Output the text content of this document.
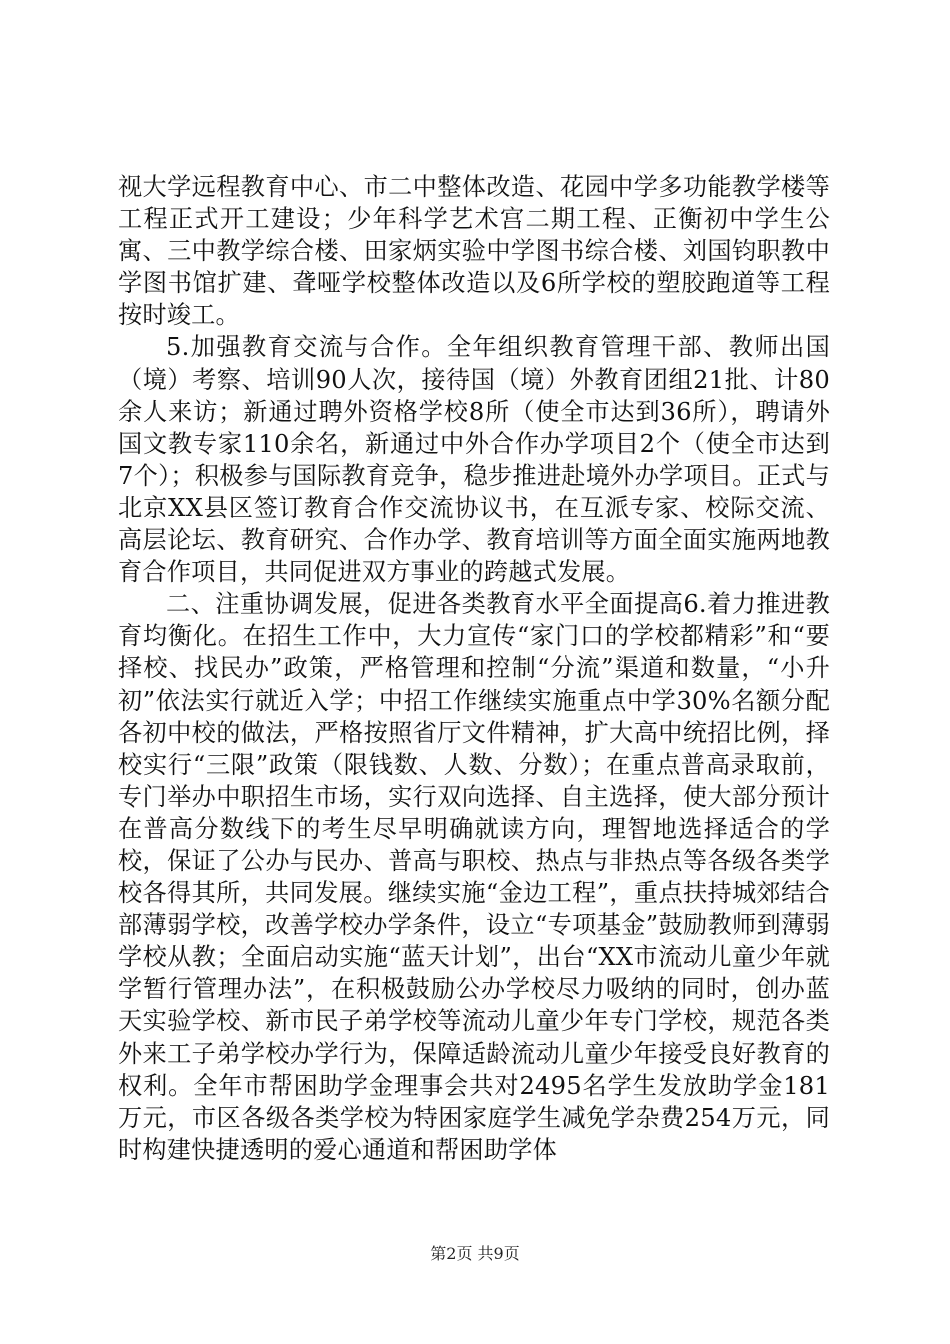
视大学远程教育中心、市二中整体改造、花园中学多功能教学楼等工程正式开工建设；少年科学艺术宫二期工程、正衡初中学生公寓、三中教学综合楼、田家炳实验中学图书综合楼、刘国钧职教中学图书馆扩建、聋哑学校整体改造以及6所学校的塑胶跑道等工程按时竣工。

5.加强教育交流与合作。全年组织教育管理干部、教师出国（境）考察、培训90人次，接待国（境）外教育团组21批、计80余人来访；新通过聘外资格学校8所（使全市达到36所），聘请外国文教专家110余名，新通过中外合作办学项目2个（使全市达到7个）；积极参与国际教育竞争，稳步推进赴境外办学项目。正式与北京XX县区签订教育合作交流协议书，在互派专家、校际交流、高层论坛、教育研究、合作办学、教育培训等方面全面实施两地教育合作项目，共同促进双方事业的跨越式发展。

二、注重协调发展，促进各类教育水平全面提高6.着力推进教育均衡化。在招生工作中，大力宣传“家门口的学校都精彩”和“要择校、找民办”政策，严格管理和控制“分流”渠道和数量，“小升初”依法实行就近入学；中招工作继续实施重点中学30%名额分配各初中校的做法，严格按照省厅文件精神，扩大高中统招比例，择校实行“三限”政策（限钱数、人数、分数）；在重点普高录取前，专门举办中职招生市场，实行双向选择、自主选择，使大部分预计在普高分数线下的考生尽早明确就读方向，理智地选择适合的学校，保证了公办与民办、普高与职校、热点与非热点等各级各类学校各得其所，共同发展。继续实施“金边工程”，重点扶持城郊结合部薄弱学校，改善学校办学条件，设立“专项基金”鼓励教师到薄弱学校从教；全面启动实施“蓝天计划”，出台“XX市流动儿童少年就学暂行管理办法”，在积极鼓励公办学校尽力吸纳的同时，创办蓝天实验学校、新市民子弟学校等流动儿童少年专门学校，规范各类外来工子弟学校办学行为，保障适龄流动儿童少年接受良好教育的权利。全年市帮困助学金理事会共对2495名学生发放助学金181万元，市区各级各类学校为特困家庭学生减免学杂费254万元，同时构建快捷透明的爱心通道和帮困助学体

第2页 共9页
